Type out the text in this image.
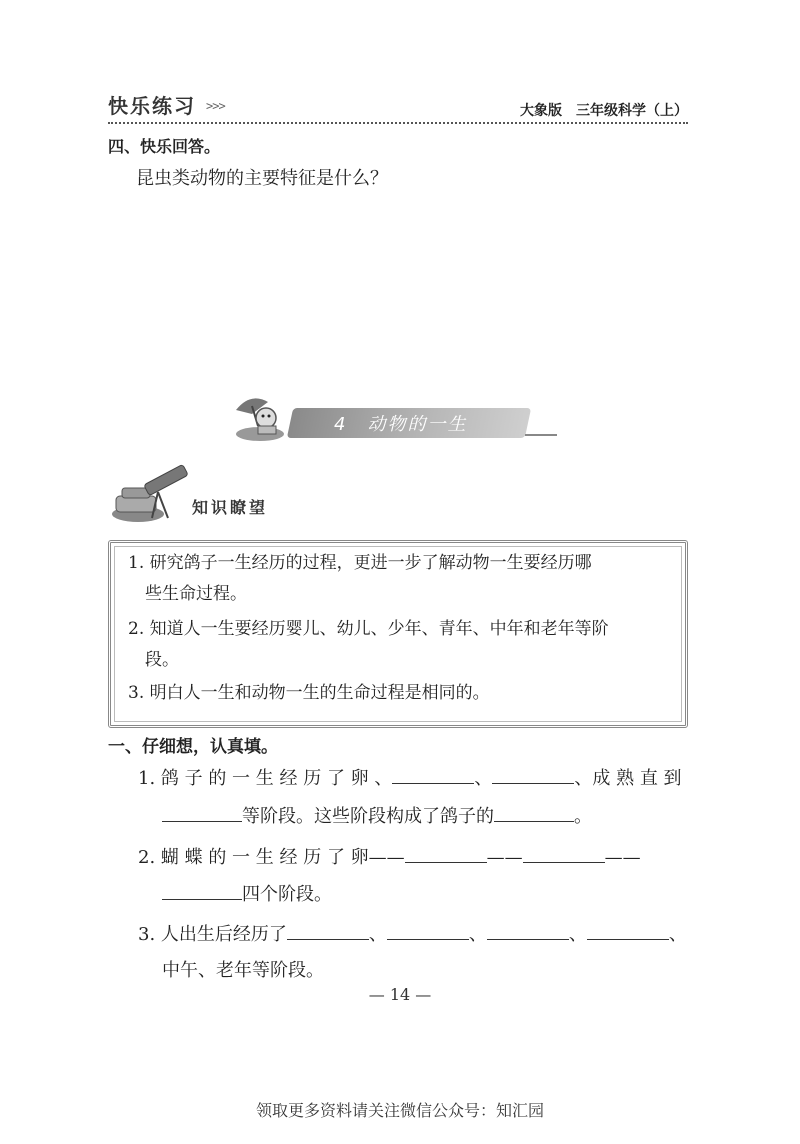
快乐练习 >>>	大象版　三年级科学（上）
四、快乐回答。
昆虫类动物的主要特征是什么？
4　动物的一生
知识瞭望
1. 研究鸽子一生经历的过程，更进一步了解动物一生要经历哪
些生命过程。
2. 知道人一生要经历婴儿、幼儿、少年、青年、中年和老年等阶
段。
3. 明白人一生和动物一生的生命过程是相同的。
一、仔细想，认真填。
1. 鸽 子 的 一 生 经 历 了 卵 、	、	、成 熟 直 到
等阶段。这些阶段构成了鸽子的	。
2. 蝴 蝶 的 一 生 经 历 了 卵——	——	——
四个阶段。
3. 人出生后经历了	、	、	、	、
中午、老年等阶段。
— 14 —
领取更多资料请关注微信公众号：知汇园
